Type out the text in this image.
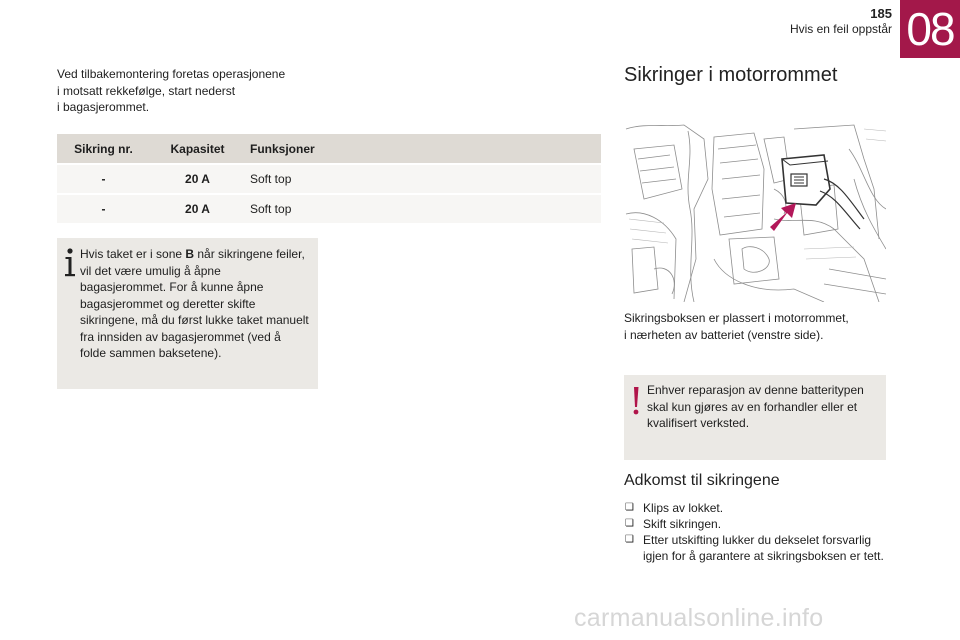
185
Hvis en feil oppstår 08
Ved tilbakemontering foretas operasjonene
i motsatt rekkefølge, start nederst
i bagasjerommet.
Sikring nr.	Kapasitet	Funksjoner
-	20 A	Soft top
-	20 A	Soft top
Hvis taket er i sone B når sikringene feiler, vil det være umulig å åpne bagasjerommet. For å kunne åpne bagasjerommet og deretter skifte sikringene, må du først lukke taket manuelt fra innsiden av bagasjerommet (ved å folde sammen baksetene).
Sikringer i motorrommet
Sikringsboksen er plassert i motorrommet,
i nærheten av batteriet (venstre side).
Enhver reparasjon av denne batteritypen skal kun gjøres av en forhandler eller et kvalifisert verksted.
Adkomst til sikringene
❏ Klips av lokket.
❏ Skift sikringen.
❏ Etter utskifting lukker du dekselet forsvarlig igjen for å garantere at sikringsboksen er tett.
carmanualsonline.info
